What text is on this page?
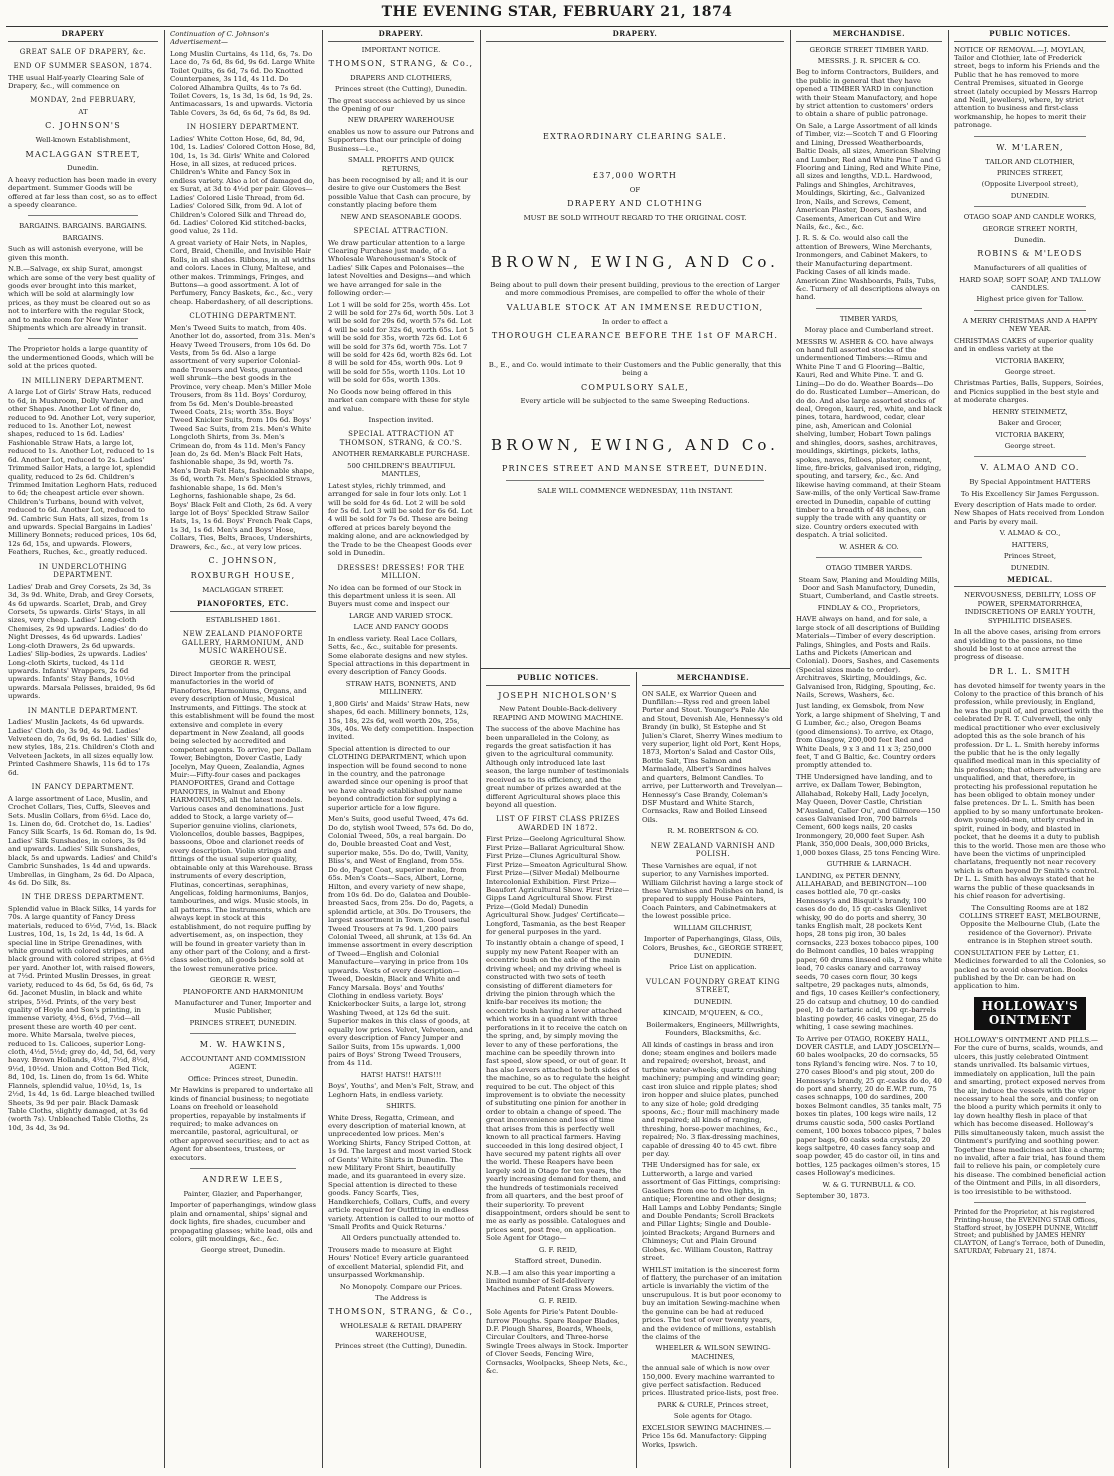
THE EVENING STAR, FEBRUARY 21, 1874
DRAPERY

GREAT SALE OF DRAPERY, &c.

END OF SUMMER SEASON, 1874.

THE usual Half-yearly Clearing Sale of Drapery, &c., will commence on

MONDAY, 2nd FEBRUARY,

AT

C. JOHNSON'S

Well-known Establishment,

MACLAGGAN STREET,

Dunedin.

A heavy reduction has been made in every department. Summer Goods will be offered at far less than cost, so as to effect a speedy clearance.

BARGAINS. BARGAINS. BARGAINS.

BARGAINS.

Such as will astonish everyone, will be given this month.

N.B.—Salvage, ex ship Surat, amongst which are some of the very best quality of goods ever brought into this market, which will be sold at alarmingly low prices, as they must be cleared out so as not to interfere with the regular Stock, and to make room for New Winter Shipments which are already in transit.

The Proprietor holds a large quantity of the undermentioned Goods, which will be sold at the prices quoted.

IN MILLINERY DEPARTMENT.

A large Lot of Girls' Straw Hats, reduced to 6d, in Mushroom, Dolly Varden, and other Shapes. Another Lot of finer do, reduced to 9d. Another Lot, very superior, reduced to 1s. Another Lot, newest shapes, reduced to 1s 6d. Ladies' Fashionable Straw Hats, a large lot, reduced to 1s. Another Lot, reduced to 1s 6d. Another Lot, reduced to 2s. Ladies' Trimmed Sailor Hats, a large lot, splendid quality, reduced to 2s 6d. Children's Trimmed Imitation Leghorn Hats, reduced to 6d; the cheapest article ever shown. Children's Turbans, bound with velvet, reduced to 6d. Another Lot, reduced to 9d. Cambric Sun Hats, all sizes, from 1s and upwards. Special Bargains in Ladies' Millinery Bonnets; reduced prices, 10s 6d, 12s 6d, 15s, and upwards. Flowers, Feathers, Ruches, &c., greatly reduced.

IN UNDERCLOTHING DEPARTMENT.

Ladies' Drab and Grey Corsets, 2s 3d, 3s 3d, 3s 9d. White, Drab, and Grey Corsets, 4s 6d upwards. Scarlet, Drab, and Grey Corsets, 5s upwards. Girls' Stays, in all sizes, very cheap. Ladies' Long-cloth Chemises, 2s 9d upwards. Ladies' do do Night Dresses, 4s 6d upwards. Ladies' Long-cloth Drawers, 2s 6d upwards. Ladies' Slip-bodies, 2s upwards. Ladies' Long-cloth Skirts, tucked, 4s 11d upwards. Infants' Wrappers, 2s 6d upwards. Infants' Stay Bands, 10½d upwards. Marsala Pelisses, braided, 9s 6d upwards.

IN MANTLE DEPARTMENT.

Ladies' Muslin Jackets, 4s 6d upwards. Ladies' Cloth do, 3s 9d, 4s 9d. Ladies' Velveteen do, 7s 6d, 9s 6d. Ladies' Silk do, new styles, 18s, 21s. Children's Cloth and Velveteen Jackets, in all sizes equally low. Printed Cashmere Shawls, 11s 6d to 17s 6d.

IN FANCY DEPARTMENT.

A large assortment of Lace, Muslin, and Crochet Collars, Ties, Cuffs, Sleeves and Sets. Muslin Collars, from 6½d. Lace do, 1s. Linen do, 6d. Crotchet do, 1s. Ladies' Fancy Silk Scarfs, 1s 6d. Roman do, 1s 9d. Ladies' Silk Sunshades, in colors, 3s 9d and upwards. Ladies' Silk Sunshades, black, 5s and upwards. Ladies' and Child's Cambric Sunshades, 1s 4d and upwards. Umbrellas, in Gingham, 2s 6d. Do Alpaca, 4s 6d. Do Silk, 8s.

IN THE DRESS DEPARTMENT.

Splendid value in Black Silks, 14 yards for 70s. A large quantity of Fancy Dress materials, reduced to 6½d, 7½d, 1s. Black Lustres, 10d, 1s, 1s 2d, 1s 4d, 1s 6d. A special line in Stripe Grenadines, with white ground with colored stripes, and black ground with colored stripes, at 6½d per yard. Another lot, with raised flowers, at 7½d. Printed Muslin Dresses, in great variety, reduced to 4s 6d, 5s 6d, 6s 6d, 7s 6d. Jaconet Muslin, in black and white stripes, 5½d. Prints, of the very best quality of Hoyle and Son's printing, in immense variety, 4½d, 6½d, 7½d—all present these are worth 40 per cent. more. White Marsala, twelve pieces, reduced to 1s. Calicoes, superior Long-cloth, 4½d, 5½d; grey do, 4d, 5d, 6d, very heavy. Brown Hollands, 4½d, 7½d, 8½d, 9½d, 10½d. Union and Cotton Bed Tick, 8d, 10d, 1s. Linen do, from 1s 6d. White Flannels, splendid value, 10½d, 1s, 1s 2½d, 1s 4d, 1s 6d. Large bleached twilled Sheets, 3s 9d per pair. Black Damask Table Cloths, slightly damaged, at 3s 6d (worth 7s). Unbleached Table Cloths, 2s 10d, 3s 4d, 3s 9d.

Continuation of C. Johnson's Advertisement—

Long Muslin Curtains, 4s 11d, 6s, 7s. Do Lace do, 7s 6d, 8s 6d, 9s 6d. Large White Toilet Quilts, 6s 6d, 7s 6d. Do Knotted Counterpanes, 3s 11d, 4s 11d. Do Colored Alhambra Quilts, 4s to 7s 6d. Toilet Covers, 1s, 1s 3d, 1s 6d, 1s 9d, 2s. Antimacassars, 1s and upwards. Victoria Table Covers, 3s 6d, 6s 6d, 7s 6d, 8s 9d.

IN HOSIERY DEPARTMENT.

Ladies' White Cotton Hose, 6d, 8d, 9d, 10d, 1s. Ladies' Colored Cotton Hose, 8d, 10d, 1s, 1s 3d. Girls' White and Colored Hose, in all sizes, at reduced prices. Children's White and Fancy Sox in endless variety. Also a lot of damaged do, ex Surat, at 3d to 4½d per pair. Gloves—Ladies' Colored Lisle Thread, from 6d. Ladies' Colored Silk, from 9d. A lot of Children's Colored Silk and Thread do, 6d. Ladies' Colored Kid stitched-backs, good value, 2s 11d.

A great variety of Hair Nets, in Naples, Cord, Braid, Chenille, and Invisible Hair Rolls, in all shades. Ribbons, in all widths and colors. Laces in Cluny, Maltese, and other makes. Trimmings, Fringes, and Buttons—a good assortment. A lot of Perfumery, Fancy Baskets, &c., &c., very cheap. Haberdashery, of all descriptions.

CLOTHING DEPARTMENT.

Men's Tweed Suits to match, from 40s. Another lot do, assorted, from 31s. Men's Heavy Tweed Trousers, from 10s 6d. Do Vests, from 5s 6d. Also a large assortment of very superior Colonial-made Trousers and Vests, guaranteed well shrunk—the best goods in the Province, very cheap. Men's Miller Mole Trousers, from 8s 11d. Boys' Corduroy, from 5s 6d. Men's Double-breasted Tweed Coats, 21s; worth 35s. Boys' Tweed Knicker Suits, from 10s 6d. Boys' Tweed Sac Suits, from 21s. Men's White Longcloth Shirts, from 3s. Men's Crimean do, from 4s 11d. Men's Fancy Jean do, 2s 6d. Men's Black Felt Hats, fashionable shape, 3s 9d, worth 7s. Men's Drab Felt Hats, fashionable shape, 3s 6d, worth 7s. Men's Speckled Straws, fashionable shape, 1s 6d. Men's Leghorns, fashionable shape, 2s 6d. Boys' Black Felt and Cloth, 2s 6d. A very large lot of Boys' Speckled Straw Sailor Hats, 1s, 1s 6d. Boys' French Peak Caps, 1s 3d, 1s 6d. Men's and Boys' Hose, Collars, Ties, Belts, Braces, Undershirts, Drawers, &c., &c., at very low prices.

C. JOHNSON,

ROXBURGH HOUSE,

MACLAGGAN STREET.

PIANOFORTES, ETC.

ESTABLISHED 1861.

NEW ZEALAND PIANOFORTE GALLERY, HARMONIUM, AND MUSIC WAREHOUSE.

GEORGE R. WEST,

Direct Importer from the principal manufactories in the world of Pianofortes, Harmoniums, Organs, and every description of Music, Musical Instruments, and Fittings. The stock at this establishment will be found the most extensive and complete in every department in New Zealand, all goods being selected by accredited and competent agents. To arrive, per Dallam Tower, Bebington, Dover Castle, Lady Jocelyn, May Queen, Zealandia, Agnes Muir:—Fifty-four cases and packages PIANOFORTES, Grand and Cottage PIANOTES, in Walnut and Ebony HARMONIUMS, all the latest models. Various cases and denominations. Just added to Stock, a large variety of—Superior genuine violins, clarionets, Violoncellos, double basses, Bagpipes, bassoons, Oboe and clarionet reeds of every description. Violin strings and fittings of the usual superior quality, obtainable only at this Warehouse. Brass instruments of every description, Flutinas, concertinas, seraphinas, Angelicas, folding harmoniums, Banjos, tambourines, and wigs. Music stools, in all patterns. The instruments, which are always kept in stock at this establishment, do not require puffing by advertisement, as, on inspection, they will be found in greater variety than in any other part of the Colony, and a first-class selection, all goods being sold at the lowest remunerative price.

GEORGE R. WEST,

PIANOFORTE AND HARMONIUM

Manufacturer and Tuner, Importer and Music Publisher,

PRINCES STREET, DUNEDIN.

M. W. HAWKINS,

ACCOUNTANT AND COMMISSION AGENT.

Office: Princes street, Dunedin.

Mr Hawkins is prepared to undertake all kinds of financial business; to negotiate Loans on freehold or leasehold properties, repayable by instalments if required; to make advances on mercantile, pastoral, agricultural, or other approved securities; and to act as Agent for absentees, trustees, or executors.

ANDREW LEES,

Painter, Glazier, and Paperhanger,

Importer of paperhangings, window glass plain and ornamental, ships' signal and dock lights, fire shades, cucumber and propagating glasses; white lead, oils and colors, gilt mouldings, &c., &c.

George street, Dunedin.

DRAPERY.

IMPORTANT NOTICE.

THOMSON, STRANG, & Co.,

DRAPERS AND CLOTHIERS,

Princes street (the Cutting), Dunedin.

The great success achieved by us since the Opening of our

NEW DRAPERY WAREHOUSE

enables us now to assure our Patrons and Supporters that our principle of doing Business—i.e.,

SMALL PROFITS AND QUICK RETURNS,

has been recognised by all; and it is our desire to give our Customers the Best possible Value that Cash can procure, by constantly placing before them

NEW AND SEASONABLE GOODS.

SPECIAL ATTRACTION.

We draw particular attention to a large Clearing Purchase just made, of a Wholesale Warehouseman's Stock of Ladies' Silk Capes and Polonaises—the latest Novelties and Designs—and which we have arranged for sale in the following order:—

Lot 1 will be sold for 25s, worth 45s. Lot 2 will be sold for 27s 6d, worth 50s. Lot 3 will be sold for 29s 6d, worth 57s 6d. Lot 4 will be sold for 32s 6d, worth 65s. Lot 5 will be sold for 35s, worth 72s 6d. Lot 6 will be sold for 37s 6d, worth 75s. Lot 7 will be sold for 42s 6d, worth 82s 6d. Lot 8 will be sold for 45s, worth 90s. Lot 9 will be sold for 55s, worth 110s. Lot 10 will be sold for 65s, worth 130s.

No Goods now being offered in this market can compare with these for style and value.

Inspection invited.

SPECIAL ATTRACTION AT THOMSON, STRANG, & CO.'S.

ANOTHER REMARKABLE PURCHASE.

500 CHILDREN'S BEAUTIFUL MANTLES,

Latest styles, richly trimmed, and arranged for sale in four lots only. Lot 1 will be sold for 4s 6d. Lot 2 will be sold for 5s 6d. Lot 3 will be sold for 6s 6d. Lot 4 will be sold for 7s 6d. These are being offered at prices barely beyond the making alone, and are acknowledged by the Trade to be the Cheapest Goods ever sold in Dunedin.

DRESSES! DRESSES! FOR THE MILLION.

No idea can be formed of our Stock in this department unless it is seen. All Buyers must come and inspect our

LARGE AND VARIED STOCK.

LACE AND FANCY GOODS

In endless variety. Real Lace Collars, Setts, &c., &c., suitable for presents. Some elaborate designs and new styles. Special attractions in this department in every description of Fancy Goods.

STRAW HATS, BONNETS, AND MILLINERY.

1,800 Girls' and Maids' Straw Hats, new shapes, 6d each. Millinery bonnets, 12s, 15s, 18s, 22s 6d, well worth 20s, 25s, 30s, 40s. We defy competition. Inspection invited.

Special attention is directed to our CLOTHING DEPARTMENT, which upon inspection will be found second to none in the country, and the patronage awarded since our opening is proof that we have already established our name beyond contradiction for supplying a superior article for a low figure.

Men's Suits, good useful Tweed, 47s 6d. Do do, stylish wool Tweed, 57s 6d. Do do, Colonial Tweed, 50s, a real bargain. Do do, Double breasted Coat and Vest, superior make, 55s. Do do, Twill, Vanity, Bliss's, and West of England, from 55s. Do do, Paget Coat, superior make, from 65s. Men's Coats—Sacs, Albert, Lorne, Hilton, and every variety of new shape, from 10s 6d. Do do, Galatea and Double-breasted Sacs, from 25s. Do do, Pagets, a splendid article, at 30s. Do Trousers, the largest assortment in Town. Good useful Tweed Trousers at 7s 9d. 1,200 pairs Colonial Tweed, all shrunk, at 13s 6d. An immense assortment in every description of Tweed—English and Colonial Manufacture—varying in price from 10s upwards. Vests of every description—Tweed, Doeskin, Black and White and Fancy Marsala. Boys' and Youths' Clothing in endless variety. Boys' Knickerbocker Suits, a large lot, strong Washing Tweed, at 12s 6d the suit. Superior makes in this class of goods, at equally low prices. Velvet, Velveteen, and every description of Fancy Jumper and Sailor Suits, from 15s upwards. 1,000 pairs of Boys' Strong Tweed Trousers, from 4s 11d.

HATS! HATS!! HATS!!!

Boys', Youths', and Men's Felt, Straw, and Leghorn Hats, in endless variety.

SHIRTS.

White Dress, Regatta, Crimean, and every description of material known, at unprecedented low prices. Men's Working Shirts, Fancy Striped Cotton, at 1s 9d. The largest and most varied Stock of Gents' White Shirts in Dunedin. The new Military Front Shirt, beautifully made, and its guaranteed in every size. Special attention is directed to these goods. Fancy Scarfs, Ties, Handkerchiefs, Collars, Cuffs, and every article required for Outfitting in endless variety. Attention is called to our motto of 'Small Profits and Quick Returns.'

All Orders punctually attended to.

Trousers made to measure at Eight Hours' Notice! Every article guaranteed of excellent Material, splendid Fit, and unsurpassed Workmanship.

No Monopoly. Compare our Prices.

The Address is

THOMSON, STRANG, & Co.,

WHOLESALE & RETAIL DRAPERY WAREHOUSE,

Princes street (the Cutting), Dunedin.

DRAPERY.

EXTRAORDINARY CLEARING SALE.

£37,000 WORTH

OF

DRAPERY AND CLOTHING

MUST BE SOLD WITHOUT REGARD TO THE ORIGINAL COST.

BROWN, EWING, AND Co.

Being about to pull down their present building, previous to the erection of Larger and more commodious Premises, are compelled to offer the whole of their

VALUABLE STOCK AT AN IMMENSE REDUCTION,

In order to effect a

THOROUGH CLEARANCE BEFORE THE 1st OF MARCH.

B., E., and Co. would intimate to their Customers and the Public generally, that this being a

COMPULSORY SALE,

Every article will be subjected to the same Sweeping Reductions.

BROWN, EWING, AND Co.

PRINCES STREET AND MANSE STREET, DUNEDIN.

SALE WILL COMMENCE WEDNESDAY, 11th INSTANT.

PUBLIC NOTICES.

JOSEPH NICHOLSON'S

New Patent Double-Back-delivery REAPING AND MOWING MACHINE.

The success of the above Machine has been unparalleled in the Colony, as regards the great satisfaction it has given to the agricultural community. Although only introduced late last season, the large number of testimonials received as to its efficiency, and the great number of prizes awarded at the different Agricultural shows place this beyond all question.

LIST OF FIRST CLASS PRIZES AWARDED IN 1872.

First Prize—Geelong Agricultural Show. First Prize—Ballarat Agricultural Show. First Prize—Clunes Agricultural Show. First Prize—Smeaton Agricultural Show. First Prize—(Silver Medal) Melbourne Intercolonial Exhibition. First Prize—Beaufort Agricultural Show. First Prize—Gipps Land Agricultural Show. First Prize—(Gold Medal) Dunedin Agricultural Show. Judges' Certificate—Longford, Tasmania, as the best Reaper for general purposes in the yard.

To instantly obtain a change of speed, I supply my new Patent Reaper with an eccentric bush on the axle of the main driving wheel; and my driving wheel is constructed with two sets of teeth consisting of different diameters for driving the pinion through which the knife-bar receives its motion; the eccentric bush having a lever attached which works in a quadrant with three perforations in it to receive the catch on the spring, and, by simply moving the lever to any of these perforations, the machine can be speedily thrown into fast speed, slow speed, or out of gear. It has also Levers attached to both sides of the machine, so as to regulate the height required to be cut. The object of this improvement is to obviate the necessity of substituting one pinion for another in order to obtain a change of speed. The great inconvenience and loss of time that arises from this is perfectly well known to all practical farmers. Having succeeded in this long desired object, I have secured my patent rights all over the world. These Reapers have been largely sold in Otago for ten years, the yearly increasing demand for them, and the hundreds of testimonials received from all quarters, and the best proof of their superiority. To prevent disappointment, orders should be sent to me as early as possible. Catalogues and prices sent, post free, on application. Sole Agent for Otago—

G. F. REID,

Stafford street, Dunedin.

N.B.—I am also this year importing a limited number of Self-delivery Machines and Patent Grass Mowers.

G. F. REID.

Sole Agents for Pirie's Patent Double-furrow Ploughs. Spare Reaper Blades, D.F. Plough Shares, Boards, Wheels, Circular Coulters, and Three-horse Swingle Trees always in Stock. Importer of Clover Seeds, Fencing Wire, Cornsacks, Woolpacks, Sheep Nets, &c., &c.

MERCHANDISE.

ON SALE, ex Warrior Queen and Dunfillan:—Ryss red and green label Porter and Stout. Younger's Pale Ale and Stout, Devenish Ale, Hennessy's old Brandy (in bulk), St Estephe and St Julien's Claret, Sherry Wines medium to very superior, light old Port, Kent Hops, 1873, Morton's Salad and Castor Oils, Bottle Salt, Tins Salmon and Marmalade, Albert's Sardines halves and quarters, Belmont Candles. To arrive, per Lutterworth and Trevelyan—Hennessy's Case Brandy, Coleman's DSF Mustard and White Starch, Cornsacks, Raw and Boiled Linseed Oils.

R. M. ROBERTSON & CO.

NEW ZEALAND VARNISH AND POLISH.

These Varnishes are equal, if not superior, to any Varnishes imported. William Gilchrist having a large stock of these Varnishes and Polishes on hand, is prepared to supply House Painters, Coach Painters, and Cabinetmakers at the lowest possible price.

WILLIAM GILCHRIST,

Importer of Paperhangings, Glass, Oils, Colors, Brushes, &c., GEORGE STREET, DUNEDIN.

Price List on application.

VULCAN FOUNDRY GREAT KING STREET,

DUNEDIN.

KINCAID, M'QUEEN, & CO.,

Boilermakers, Engineers, Millwrights, Founders, Blacksmiths, &c.

All kinds of castings in brass and iron done; steam engines and boilers made and repaired; overshot, breast, and turbine water-wheels; quartz crushing machinery; pumping and winding gear; cast iron sluice and ripple plates; shod iron hopper and sluice plates, punched to any size of hole; gold dredging spoons, &c.; flour mill machinery made and repaired; all kinds of ranging, threshing, horse-power machines, &c., repaired; No. 3 flax-dressing machines, capable of dressing 40 to 45 cwt. fibre per day.

THE Undersigned has for sale, ex Lutterworth, a large and varied assortment of Gas Fittings, comprising: Gaseliers from one to five lights, in antique; Florentine and other designs; Hall Lamps and Lobby Pendants; Single and Double Pendants; Scroll Brackets and Pillar Lights; Single and Double-jointed Brackets; Argand Burners and Chimneys; Cut and Plain Ground Globes, &c. William Couston, Rattray street.

WHILST imitation is the sincerest form of flattery, the purchaser of an imitation article is invariably the victim of the unscrupulous. It is but poor economy to buy an imitation Sewing-machine when the genuine can be had at reduced prices. The test of over twenty years, and the evidence of millions, establish the claims of the

WHEELER & WILSON SEWING-MACHINES,

the annual sale of which is now over 150,000. Every machine warranted to give perfect satisfaction. Reduced prices. Illustrated price-lists, post free.

PARK & CURLE, Princes street,

Sole agents for Otago.

EXCELSIOR SEWING MACHINES.—Price 15s 6d. Manufactory: Gipping Works, Ipswich.

MERCHANDISE.

GEORGE STREET TIMBER YARD.

MESSRS. J. R. SPICER & CO.

Beg to inform Contractors, Builders, and the public in general that they have opened a TIMBER YARD in conjunction with their Steam Manufactory, and hope by strict attention to customers' orders to obtain a share of public patronage.

On Sale, a Large Assortment of all kinds of Timber, viz:—Scotch T and G Flooring and Lining, Dressed Weatherboards, Baltic Deals, all sizes, American Shelving and Lumber, Red and White Pine T and G Flooring and Lining, Red and White Pine, all sizes and lengths, V.D.L. Hardwood, Palings and Shingles, Architraves, Mouldings, Skirting, &c., Galvanized Iron, Nails, and Screws, Cement, American Plaster, Doors, Sashes, and Casements, American Cut and Wire Nails, &c., &c., &c.

J. R. S. & Co. would also call the attention of Brewers, Wine Merchants, Ironmongers, and Cabinet Makers, to their Manufacturing department. Packing Cases of all kinds made. American Zinc Washboards, Pails, Tubs, &c. Turnery of all descriptions always on hand.

TIMBER YARDS,

Moray place and Cumberland street.

MESSRS W. ASHER & CO. have always on hand full assorted stocks of the undermentioned Timbers:—Rimu and White Pine T and G Flooring—Baltic, Kauri, Red and White Pine. T. and G. Lining—Do do do. Weather Boards—Do do do. Rusticated Lumber—American, do do do. And also large assorted stocks of deal, Oregon, kauri, red, white, and black pines, totara, hardwood, cedar, clear pine, ash, American and Colonial shelving, lumber, Hobart Town palings and shingles, doors, sashes, architraves, mouldings, skirtings, pickets, laths, spokes, naves, felloes, plaster, cement, lime, fire-bricks, galvanised iron, ridging, spouting, and tarsery, &c., &c. And likewise having command, at their Steam Saw-mills, of the only Vertical Saw-frame erected in Dunedin, capable of cutting timber to a breadth of 48 inches, can supply the trade with any quantity or size. Country orders executed with despatch. A trial solicited.

W. ASHER & CO.

OTAGO TIMBER YARDS.

Steam Saw, Planing and Moulding Mills, Door and Sash Manufactory, Dunedin, Stuart, Cumberland, and Castle streets.

FINDLAY & CO., Proprietors,

HAVE always on hand, and for sale, a large stock of all descriptions of Building Materials—Timber of every description. Palings, Shingles, and Posts and Rails. Laths and Pickets (American and Colonial). Doors, Sashes, and Casements (Special sizes made to order). Architraves, Skirting, Mouldings, &c. Galvanised Iron, Ridging, Spouting, &c. Nails, Screws, Washers, &c.

Just landing, ex Gemsbok, from New York, a large shipment of Shelving, T and G Lumber, &c.; also, Oregon Beams (good dimensions). To arrive, ex Otago, from Glasgow, 200,000 feet Red and White Deals, 9 x 3 and 11 x 3; 250,000 feet, T and G Baltic, &c. Country orders promptly attended to.

THE Undersigned have landing, and to arrive, ex Dallam Tower, Bebington, Allahabad, Rokeby Hall, Lady Jocelyn, May Queen, Dover Castle, Christian M'Ausland, Caller Ou', and Gilmore—150 cases Galvanised Iron, 700 barrels Cement, 600 kegs nails, 20 casks Ironmongery, 20,000 feet Super. Ash Plank, 350,000 Deals, 300,000 Bricks, 1,000 boxes Glass, 25 tons Fencing Wire.

GUTHRIE & LARNACH.

LANDING, ex PETER DENNY, ALLAHABAD, and BEBINGTON—100 cases bottled ale, 70 qr.-casks Hennessy's and Bisquit's brandy, 100 cases do do do, 15 qr.-casks Glenlivet whisky, 90 do do ports and sherry, 30 tanks English malt, 28 pockets Kent hops, 28 tons pig iron, 30 bales cornsacks, 223 boxes tobacco pipes, 100 do Belmont candles, 10 bales wrapping paper, 60 drums linseed oils, 2 tons white lead, 70 casks canary and carraway seeds, 70 cases corn flour, 30 kegs saltpetre, 29 packages nuts, almonds, and figs, 10 cases Keiller's confectionery, 25 do catsup and chutney, 10 do candied peel, 10 do tartaric acid, 100 qr.-barrels blasting powder, 46 casks vinegar, 25 do whiting, 1 case sewing machines.

To Arrive per OTAGO, ROKEBY HALL, DOVER CASTLE, and LADY JOSCELYN—60 bales woolpacks, 20 do cornsacks, 55 tons Ryland's fencing wire. Nos. 7 to 10, 270 cases Blood's and pig stout, 200 do Hennessy's brandy, 25 qr.-casks do do, 40 do port and sherry, 20 do E.W.P. rum, 75 cases schnapps, 100 do sardines, 200 boxes Belmont candles, 35 tanks malt, 75 boxes tin plates, 100 kegs wire nails, 12 drums caustic soda, 500 casks Portland cement, 100 boxes tobacco pipes, 7 bales paper bags, 60 casks soda crystals, 20 kegs saltpetre, 40 cases fancy soap and soap powder, 45 do castor oil, in tins and bottles, 125 packages oilmen's stores, 15 cases Holloway's medicines.

W. & G. TURNBULL & CO.

September 30, 1873.

PUBLIC NOTICES.

NOTICE OF REMOVAL.—J. MOYLAN, Tailor and Clothier, late of Frederick street, begs to inform his Friends and the Public that he has removed to more Central Premises, situated in George street (lately occupied by Messrs Harrop and Neill, jewellers), where, by strict attention to business and first-class workmanship, he hopes to merit their patronage.

W. M'LAREN,

TAILOR AND CLOTHIER,

PRINCES STREET,

(Opposite Liverpool street),

DUNEDIN.

OTAGO SOAP AND CANDLE WORKS,

GEORGE STREET NORTH,

Dunedin.

ROBINS & M'LEODS

Manufacturers of all qualities of

HARD SOAP, SOFT SOAP, AND TALLOW CANDLES.

Highest price given for Tallow.

A MERRY CHRISTMAS AND A HAPPY NEW YEAR.

CHRISTMAS CAKES of superior quality and in endless variety at the

VICTORIA BAKERY,

George street.

Christmas Parties, Balls, Suppers, Soirées, and Picnics supplied in the best style and at moderate charges.

HENRY STEINMETZ,

Baker and Grocer,

VICTORIA BAKERY,

George street.

V. ALMAO AND CO.

By Special Appointment HATTERS

To His Excellency Sir James Fergusson.

Every description of Hats made to order. New Shapes of Hats received from London and Paris by every mail.

V. ALMAO & CO.,

HATTERS,

Princes Street,

DUNEDIN.

MEDICAL.

NERVOUSNESS, DEBILITY, LOSS OF POWER, SPERMATORRHŒA, INDISCRETIONS OF EARLY YOUTH, SYPHILITIC DISEASES.

In all the above cases, arising from errors and yielding to the passions, no time should be lost to at once arrest the progress of disease.

DR L. L. SMITH

has devoted himself for twenty years in the Colony to the practice of this branch of his profession, while previously, in England, he was the pupil of, and practised with the celebrated Dr R. T. Culverwell, the only medical practitioner who ever exclusively adopted this as the sole branch of his profession. Dr L. L. Smith hereby informs the public that he is the only legally qualified medical man in this speciality of his profession; that others advertising are unqualified, and that, therefore, in protecting his professional reputation he has been obliged to obtain money under false pretences. Dr L. L. Smith has been applied to by so many unfortunate broken-down young-old-men, utterly crushed in spirit, ruined in body, and blasted in pocket, that he deems it a duty to publish this to the world. Those men are those who have been the victims of unprincipled charlatans, frequently not near recovery which is often beyond Dr Smith's control. Dr L. L. Smith has always stated that he warns the public of these quacksands in his chief reason for advertising.

The Consulting Rooms are at 182 COLLINS STREET EAST, MELBOURNE, Opposite the Melbourne Club, (Late the residence of the Governor). Private entrance is in Stephen street south.

CONSULTATION FEE by Letter, £1. Medicines forwarded to all the Colonies, so packed as to avoid observation. Books published by the Dr. can be had on application to him.

HOLLOWAY'S OINTMENT

HOLLOWAY'S OINTMENT AND PILLS.—For the cure of burns, scalds, wounds, and ulcers, this justly celebrated Ointment stands unrivalled. Its balsamic virtues, immediately on application, lull the pain and smarting, protect exposed nerves from the air, induce the vessels with the vigor necessary to heal the sore, and confer on the blood a purity which permits it only to lay down healthy flesh in place of that which has become diseased. Holloway's Pills simultaneously taken, much assist the Ointment's purifying and soothing power. Together these medicines act like a charm; no invalid, after a fair trial, has found them fail to relieve his pain, or completely cure his disease. The combined beneficial action of the Ointment and Pills, in all disorders, is too irresistible to be withstood.

Printed for the Proprietor, at his registered Printing-house, the EVENING STAR Offices, Stafford street, by JOSEPH DUNNE, Witcliff Street; and published by JAMES HENRY CLAYTON, of Lang's Terrace, both of Dunedin, SATURDAY, February 21, 1874.
